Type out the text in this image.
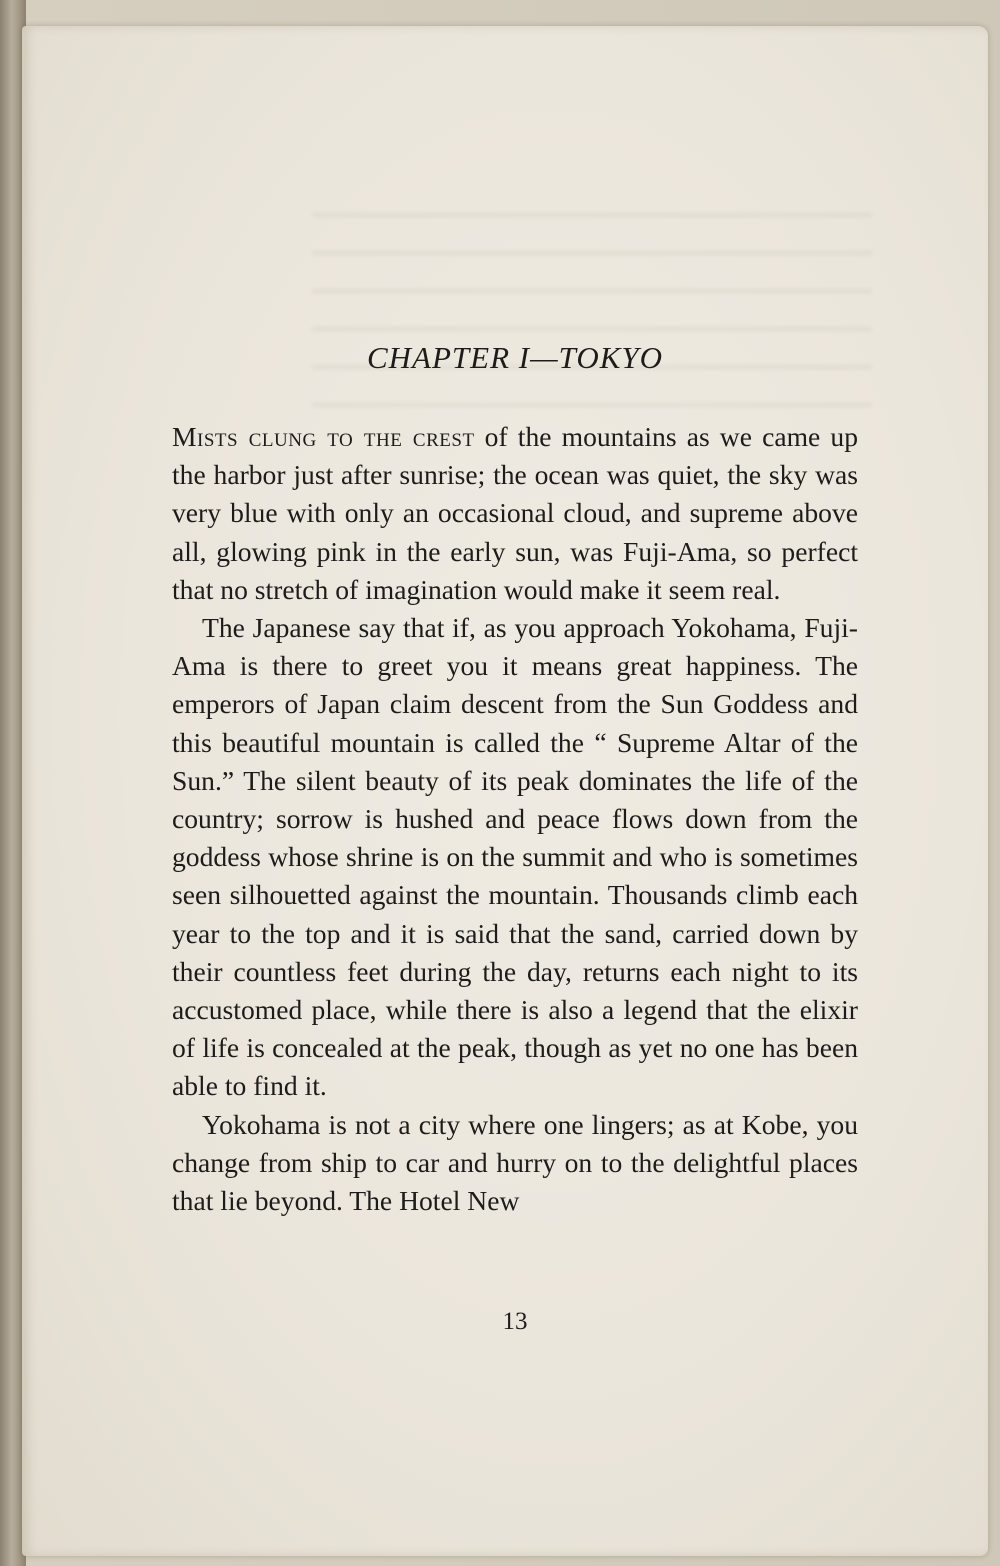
CHAPTER I—TOKYO

Mists clung to the crest of the mountains as we came up the harbor just after sunrise; the ocean was quiet, the sky was very blue with only an occasional cloud, and supreme above all, glowing pink in the early sun, was Fuji-Ama, so perfect that no stretch of imagination would make it seem real.

The Japanese say that if, as you approach Yokohama, Fuji-Ama is there to greet you it means great happiness. The emperors of Japan claim descent from the Sun Goddess and this beautiful mountain is called the “ Supreme Altar of the Sun.” The silent beauty of its peak dominates the life of the country; sorrow is hushed and peace flows down from the goddess whose shrine is on the summit and who is sometimes seen silhouetted against the mountain. Thousands climb each year to the top and it is said that the sand, carried down by their countless feet during the day, returns each night to its accustomed place, while there is also a legend that the elixir of life is concealed at the peak, though as yet no one has been able to find it.

Yokohama is not a city where one lingers; as at Kobe, you change from ship to car and hurry on to the delightful places that lie beyond. The Hotel New

13
